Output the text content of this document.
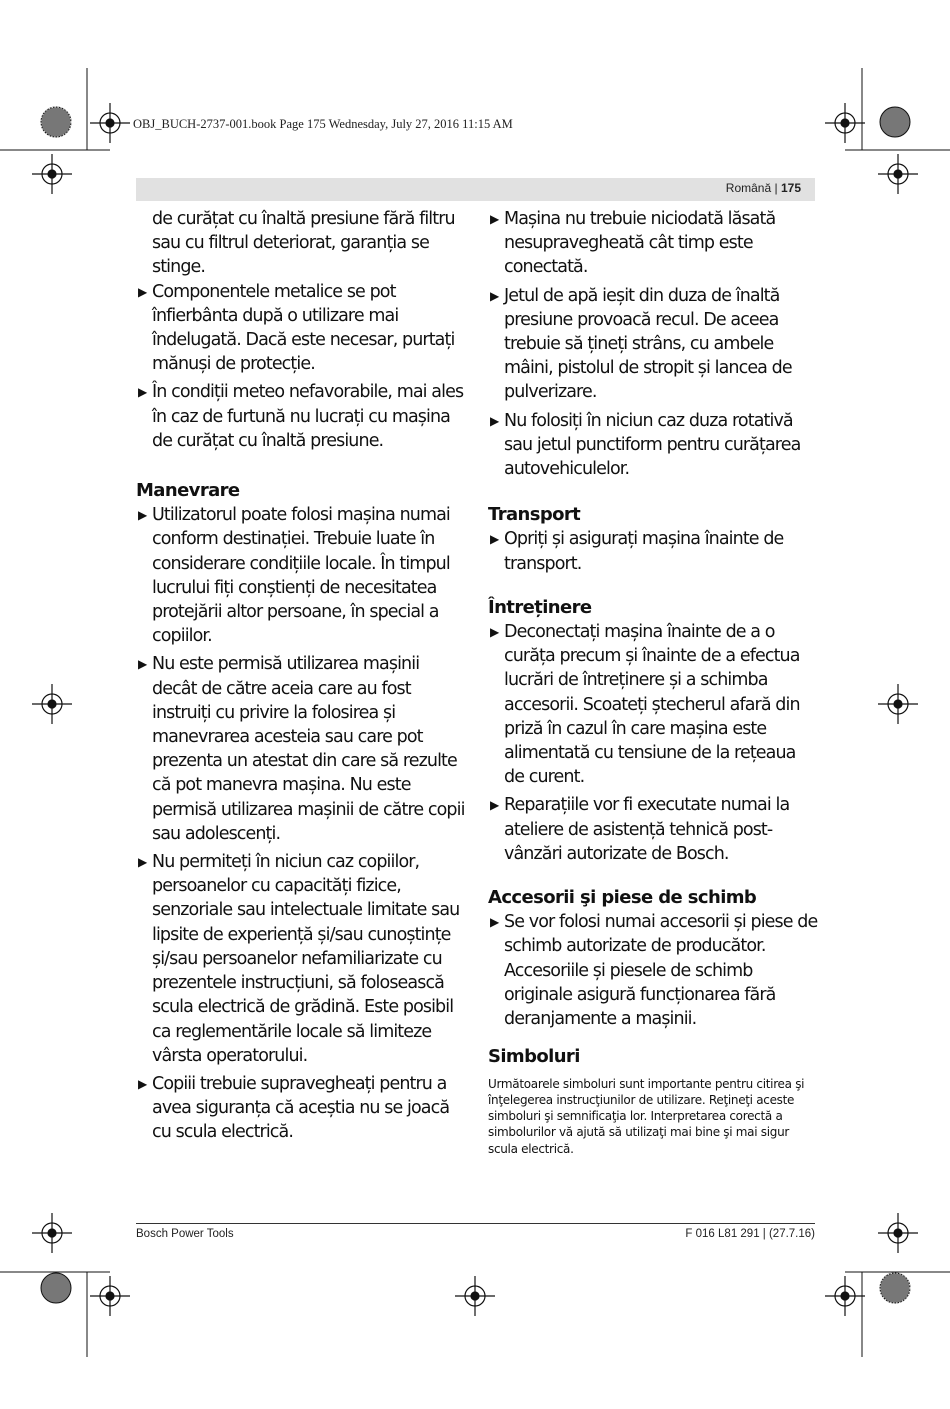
OBJ_BUCH-2737-001.book Page 175 Wednesday, July 27, 2016 11:15 AM
Română | 175

de curățat cu înaltă presiune fără filtru sau cu filtrul deteriorat, garanția se stinge.

▶ Componentele metalice se pot înfierbânta după o utilizare mai îndelugată. Dacă este necesar, purtați mănuși de protecție.

▶ În condiții meteo nefavorabile, mai ales în caz de furtună nu lucrați cu mașina de curățat cu înaltă presiune.

Manevrare

▶ Utilizatorul poate folosi mașina numai conform destinației. Trebuie luate în considerare condițiile locale. În timpul lucrului fiți conștienți de necesitatea protejării altor persoane, în special a copiilor.

▶ Nu este permisă utilizarea mașinii decât de către aceia care au fost instruiți cu privire la folosirea și manevrarea acesteia sau care pot prezenta un atestat din care să rezulte că pot manevra mașina. Nu este permisă utilizarea mașinii de către copii sau adolescenți.

▶ Nu permiteți în niciun caz copiilor, persoanelor cu capacități fizice, senzoriale sau intelectuale limitate sau lipsite de experiență și/sau cunoștințe și/sau persoanelor nefamiliarizate cu prezentele instrucțiuni, să folosească scula electrică de grădină. Este posibil ca reglementările locale să limiteze vârsta operatorului.

▶ Copiii trebuie supravegheați pentru a avea siguranța că aceștia nu se joacă cu scula electrică.

▶ Mașina nu trebuie niciodată lăsată nesupravegheată cât timp este conectată.

▶ Jetul de apă ieșit din duza de înaltă presiune provoacă recul. De aceea trebuie să țineți strâns, cu ambele mâini, pistolul de stropit și lancea de pulverizare.

▶ Nu folosiți în niciun caz duza rotativă sau jetul punctiform pentru curățarea autovehiculelor.

Transport

▶ Opriți și asigurați mașina înainte de transport.

Întreținere

▶ Deconectați mașina înainte de a o curăța precum și înainte de a efectua lucrări de întreținere și a schimba accesorii. Scoateți ștecherul afară din priză în cazul în care mașina este alimentată cu tensiune de la rețeaua de curent.

▶ Reparațiile vor fi executate numai la ateliere de asistență tehnică post-vânzări autorizate de Bosch.

Accesorii şi piese de schimb

▶ Se vor folosi numai accesorii și piese de schimb autorizate de producător. Accesoriile și piesele de schimb originale asigură funcționarea fără deranjamente a mașinii.

Simboluri

Următoarele simboluri sunt importante pentru citirea şi înţelegerea instrucţiunilor de utilizare. Reţineţi aceste simboluri şi semnificaţia lor. Interpretarea corectă a simbolurilor vă ajută să utilizaţi mai bine şi mai sigur scula electrică.

Bosch Power Tools	F 016 L81 291 | (27.7.16)
